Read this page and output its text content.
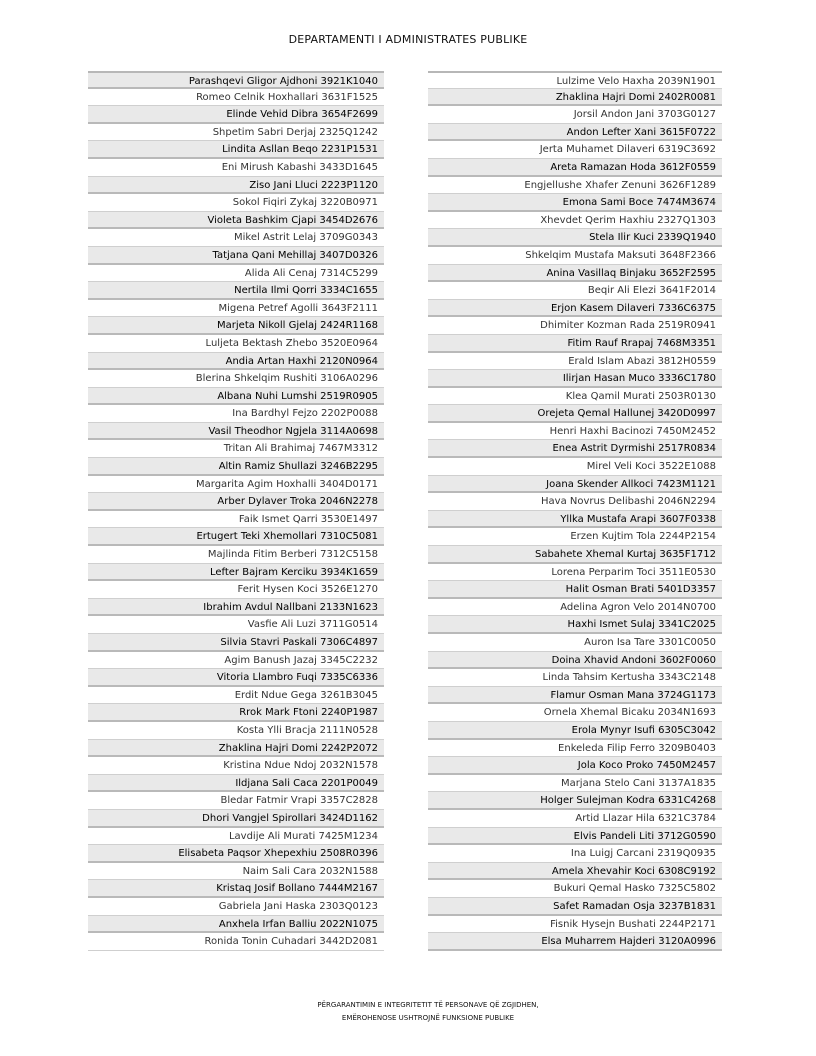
DEPARTAMENTI I ADMINISTRATES PUBLIKE
Parashqevi Gligor Ajdhoni 3921K1040
Romeo Celnik Hoxhallari 3631F1525
Elinde Vehid Dibra 3654F2699
Shpetim Sabri Derjaj 2325Q1242
Lindita Asllan Beqo 2231P1531
Eni Mirush Kabashi 3433D1645
Ziso Jani Lluci 2223P1120
Sokol Fiqiri Zykaj 3220B0971
Violeta Bashkim Cjapi 3454D2676
Mikel Astrit Lelaj 3709G0343
Tatjana Qani Mehillaj 3407D0326
Alida Ali Cenaj 7314C5299
Nertila Ilmi Qorri 3334C1655
Migena Petref Agolli 3643F2111
Marjeta Nikoll Gjelaj 2424R1168
Luljeta Bektash Zhebo 3520E0964
Andia Artan Haxhi 2120N0964
Blerina Shkelqim Rushiti 3106A0296
Albana Nuhi Lumshi 2519R0905
Ina Bardhyl Fejzo 2202P0088
Vasil Theodhor Ngjela 3114A0698
Tritan Ali Brahimaj 7467M3312
Altin Ramiz Shullazi 3246B2295
Margarita Agim Hoxhalli 3404D0171
Arber Dylaver Troka 2046N2278
Faik Ismet Qarri 3530E1497
Ertugert Teki Xhemollari 7310C5081
Majlinda Fitim Berberi 7312C5158
Lefter Bajram Kerciku 3934K1659
Ferit Hysen Koci 3526E1270
Ibrahim Avdul Nallbani 2133N1623
Vasfie Ali Luzi 3711G0514
Silvia Stavri Paskali 7306C4897
Agim Banush Jazaj 3345C2232
Vitoria Llambro Fuqi 7335C6336
Erdit Ndue Gega 3261B3045
Rrok Mark Ftoni 2240P1987
Kosta Ylli Bracja 2111N0528
Zhaklina Hajri Domi 2242P2072
Kristina Ndue Ndoj 2032N1578
Ildjana Sali Caca 2201P0049
Bledar Fatmir Vrapi 3357C2828
Dhori Vangjel Spirollari 3424D1162
Lavdije Ali Murati 7425M1234
Elisabeta Paqsor Xhepexhiu 2508R0396
Naim Sali Cara 2032N1588
Kristaq Josif Bollano 7444M2167
Gabriela Jani Haska 2303Q0123
Anxhela Irfan Balliu 2022N1075
Ronida Tonin Cuhadari 3442D2081
Lulzime Velo Haxha 2039N1901
Zhaklina Hajri Domi 2402R0081
Jorsil Andon Jani 3703G0127
Andon Lefter Xani 3615F0722
Jerta Muhamet Dilaveri 6319C3692
Areta Ramazan Hoda 3612F0559
Engjellushe Xhafer Zenuni 3626F1289
Emona Sami Boce 7474M3674
Xhevdet Qerim Haxhiu 2327Q1303
Stela Ilir Kuci 2339Q1940
Shkelqim Mustafa Maksuti 3648F2366
Anina Vasillaq Binjaku 3652F2595
Beqir Ali Elezi 3641F2014
Erjon Kasem Dilaveri 7336C6375
Dhimiter Kozman Rada 2519R0941
Fitim Rauf Rrapaj 7468M3351
Erald Islam Abazi 3812H0559
Ilirjan Hasan Muco 3336C1780
Klea Qamil Murati 2503R0130
Orejeta Qemal Hallunej 3420D0997
Henri Haxhi Bacinozi 7450M2452
Enea Astrit Dyrmishi 2517R0834
Mirel Veli Koci 3522E1088
Joana Skender Allkoci 7423M1121
Hava Novrus Delibashi 2046N2294
Yllka Mustafa Arapi 3607F0338
Erzen Kujtim Tola 2244P2154
Sabahete Xhemal Kurtaj 3635F1712
Lorena Perparim Toci 3511E0530
Halit Osman Brati 5401D3357
Adelina Agron Velo 2014N0700
Haxhi Ismet Sulaj 3341C2025
Auron Isa Tare 3301C0050
Doina Xhavid Andoni 3602F0060
Linda Tahsim Kertusha 3343C2148
Flamur Osman Mana 3724G1173
Ornela Xhemal Bicaku 2034N1693
Erola Mynyr Isufi 6305C3042
Enkeleda Filip Ferro 3209B0403
Jola Koco Proko 7450M2457
Marjana Stelo Cani 3137A1835
Holger Sulejman Kodra 6331C4268
Artid Llazar Hila 6321C3784
Elvis Pandeli Liti 3712G0590
Ina Luigj Carcani 2319Q0935
Amela Xhevahir Koci 6308C9192
Bukuri Qemal Hasko 7325C5802
Safet Ramadan Osja 3237B1831
Fisnik Hysejn Bushati 2244P2171
Elsa Muharrem Hajderi 3120A0996
PËRGARANTIMIN E INTEGRITETIT TË PERSONAVE QË ZGJIDHEN,
EMËROHENOSE USHTROJNË FUNKSIONE PUBLIKE
